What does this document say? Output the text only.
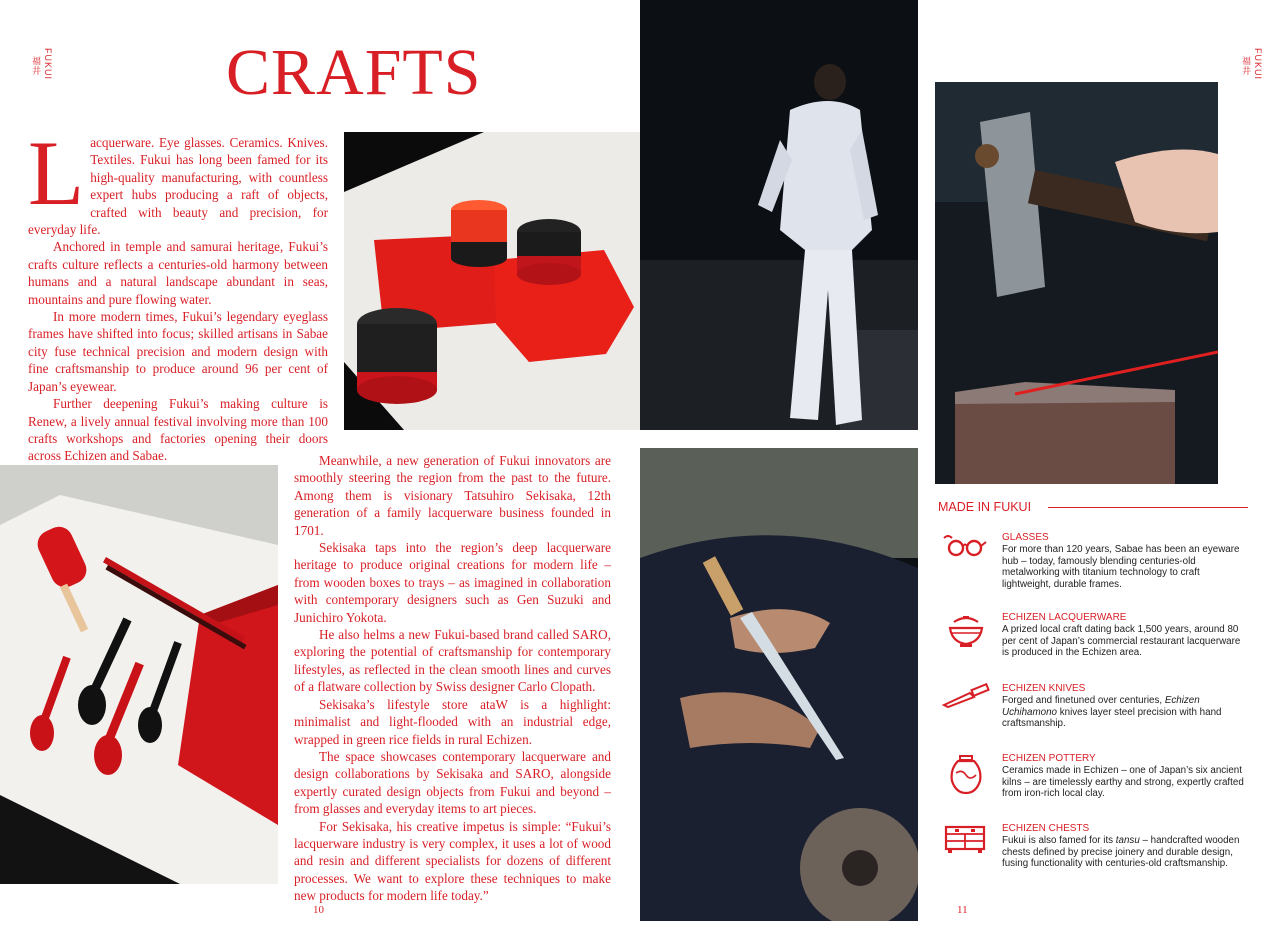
FUKUI
福井	FUKUI
福井
CRAFTS

Lacquerware. Eye glasses. Ceramics. Knives. Textiles. Fukui has long been famed for its high-quality manufacturing, with countless expert hubs producing a raft of objects, crafted with beauty and precision, for everyday life.

Anchored in temple and samurai heritage, Fukui’s crafts culture reflects a centuries-old harmony between humans and a natural landscape abundant in seas, mountains and pure flowing water.

In more modern times, Fukui’s legendary eyeglass frames have shifted into focus; skilled artisans in Sabae city fuse technical precision and modern design with fine craftsmanship to produce around 96 per cent of Japan’s eyewear.

Further deepening Fukui’s making culture is Renew, a lively annual festival involving more than 100 crafts workshops and factories opening their doors across Echizen and Sabae.	Meanwhile, a new generation of Fukui innovators are smoothly steering the region from the past to the future. Among them is visionary Tatsuhiro Sekisaka, 12th generation of a family lacquerware business founded in 1701.

Sekisaka taps into the region’s deep lacquerware heritage to produce original creations for modern life – from wooden boxes to trays – as imagined in collaboration with contemporary designers such as Gen Suzuki and Junichiro Yokota.

He also helms a new Fukui-based brand called SARO, exploring the potential of craftsmanship for contemporary lifestyles, as reflected in the clean smooth lines and curves of a flatware collection by Swiss designer Carlo Clopath.

Sekisaka’s lifestyle store ataW is a highlight: minimalist and light-flooded with an industrial edge, wrapped in green rice fields in rural Echizen.

The space showcases contemporary lacquerware and design collaborations by Sekisaka and SARO, alongside expertly curated design objects from Fukui and beyond – from glasses and everyday items to art pieces.

For Sekisaka, his creative impetus is simple: “Fukui’s lacquerware industry is very complex, it uses a lot of wood and resin and different specialists for dozens of different processes. We want to explore these techniques to make new products for modern life today.”

10	11
MADE IN FUKUI
GLASSES
For more than 120 years, Sabae has been an eyeware hub – today, famously blending centuries-old metalworking with titanium technology to craft lightweight, durable frames.
ECHIZEN LACQUERWARE
A prized local craft dating back 1,500 years, around 80 per cent of Japan’s commercial restaurant lacquerware is produced in the Echizen area.
ECHIZEN KNIVES
Forged and finetuned over centuries, Echizen Uchihamono knives layer steel precision with hand craftsmanship.
ECHIZEN POTTERY
Ceramics made in Echizen – one of Japan’s six ancient kilns – are timelessly earthy and strong, expertly crafted from iron-rich local clay.
ECHIZEN CHESTS
Fukui is also famed for its tansu – handcrafted wooden chests defined by precise joinery and durable design, fusing functionality with centuries-old craftsmanship.
